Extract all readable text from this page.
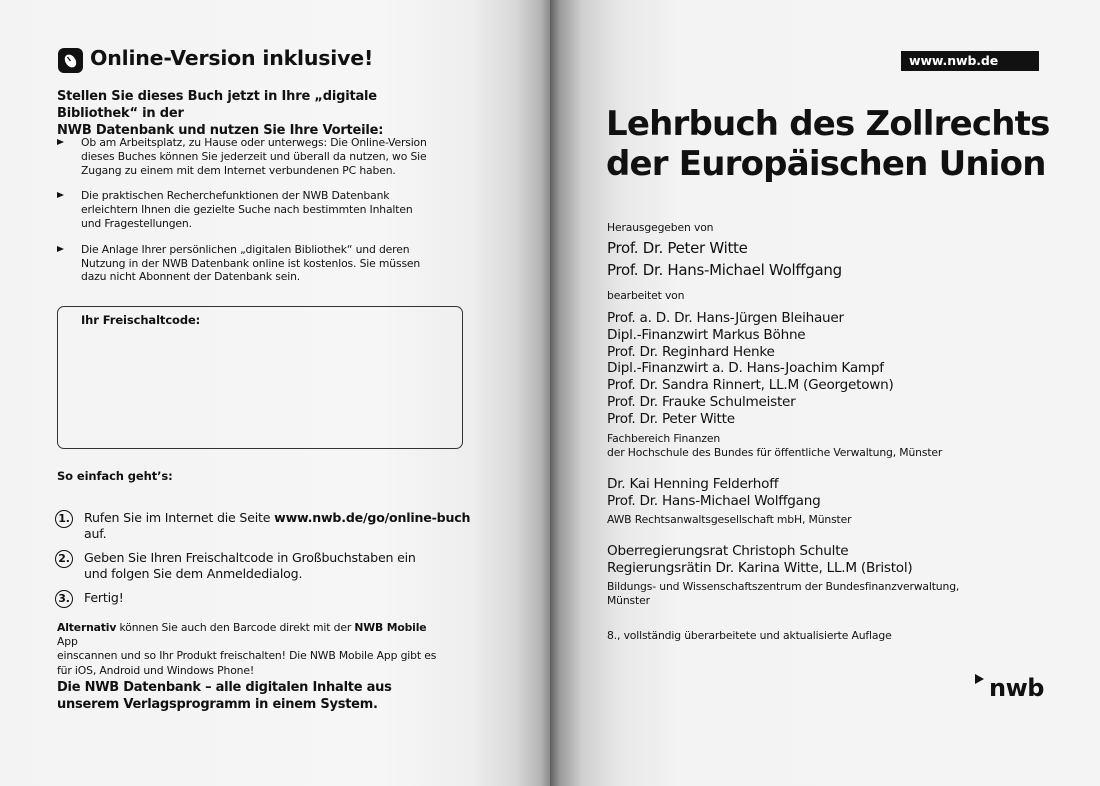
Online-Version inklusive!
Stellen Sie dieses Buch jetzt in Ihre „digitale Bibliothek“ in der
NWB Datenbank und nutzen Sie Ihre Vorteile:
Ob am Arbeitsplatz, zu Hause oder unterwegs: Die Online-Version
dieses Buches können Sie jederzeit und überall da nutzen, wo Sie
Zugang zu einem mit dem Internet verbundenen PC haben.
Die praktischen Recherchefunktionen der NWB Datenbank
erleichtern Ihnen die gezielte Suche nach bestimmten Inhalten
und Fragestellungen.
Die Anlage Ihrer persönlichen „digitalen Bibliothek“ und deren
Nutzung in der NWB Datenbank online ist kostenlos. Sie müssen
dazu nicht Abonnent der Datenbank sein.
Ihr Freischaltcode:
So einfach geht’s:
1. Rufen Sie im Internet die Seite www.nwb.de/go/online-buch auf.
2. Geben Sie Ihren Freischaltcode in Großbuchstaben ein
und folgen Sie dem Anmeldedialog.
3. Fertig!
Alternativ können Sie auch den Barcode direkt mit der NWB Mobile App
einscannen und so Ihr Produkt freischalten! Die NWB Mobile App gibt es
für iOS, Android und Windows Phone!
Die NWB Datenbank – alle digitalen Inhalte aus
unserem Verlagsprogramm in einem System.
www.nwb.de
Lehrbuch des Zollrechts
der Europäischen Union
Herausgegeben von
Prof. Dr. Peter Witte
Prof. Dr. Hans-Michael Wolffgang
bearbeitet von
Prof. a. D. Dr. Hans-Jürgen Bleihauer
Dipl.-Finanzwirt Markus Böhne
Prof. Dr. Reginhard Henke
Dipl.-Finanzwirt a. D. Hans-Joachim Kampf
Prof. Dr. Sandra Rinnert, LL.M (Georgetown)
Prof. Dr. Frauke Schulmeister
Prof. Dr. Peter Witte
Fachbereich Finanzen
der Hochschule des Bundes für öffentliche Verwaltung, Münster
Dr. Kai Henning Felderhoff
Prof. Dr. Hans-Michael Wolffgang
AWB Rechtsanwaltsgesellschaft mbH, Münster
Oberregierungsrat Christoph Schulte
Regierungsrätin Dr. Karina Witte, LL.M (Bristol)
Bildungs- und Wissenschaftszentrum der Bundesfinanzverwaltung,
Münster
8., vollständig überarbeitete und aktualisierte Auflage
nwb
